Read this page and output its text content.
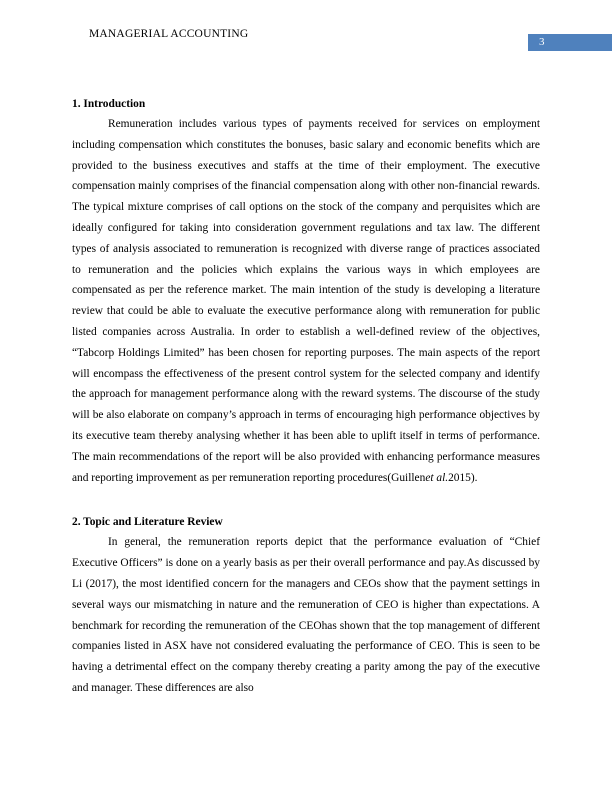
MANAGERIAL ACCOUNTING
3
1. Introduction

Remuneration includes various types of payments received for services on employment including compensation which constitutes the bonuses, basic salary and economic benefits which are provided to the business executives and staffs at the time of their employment. The executive compensation mainly comprises of the financial compensation along with other non-financial rewards. The typical mixture comprises of call options on the stock of the company and perquisites which are ideally configured for taking into consideration government regulations and tax law. The different types of analysis associated to remuneration is recognized with diverse range of practices associated to remuneration and the policies which explains the various ways in which employees are compensated as per the reference market. The main intention of the study is developing a literature review that could be able to evaluate the executive performance along with remuneration for public listed companies across Australia. In order to establish a well-defined review of the objectives, “Tabcorp Holdings Limited” has been chosen for reporting purposes. The main aspects of the report will encompass the effectiveness of the present control system for the selected company and identify the approach for management performance along with the reward systems. The discourse of the study will be also elaborate on company’s approach in terms of encouraging high performance objectives by its executive team thereby analysing whether it has been able to uplift itself in terms of performance. The main recommendations of the report will be also provided with enhancing performance measures and reporting improvement as per remuneration reporting procedures(Guillenet al.2015).

2. Topic and Literature Review

In general, the remuneration reports depict that the performance evaluation of “Chief Executive Officers” is done on a yearly basis as per their overall performance and pay.As discussed by Li (2017), the most identified concern for the managers and CEOs show that the payment settings in several ways our mismatching in nature and the remuneration of CEO is higher than expectations. A benchmark for recording the remuneration of the CEOhas shown that the top management of different companies listed in ASX have not considered evaluating the performance of CEO. This is seen to be having a detrimental effect on the company thereby creating a parity among the pay of the executive and manager. These differences are also
